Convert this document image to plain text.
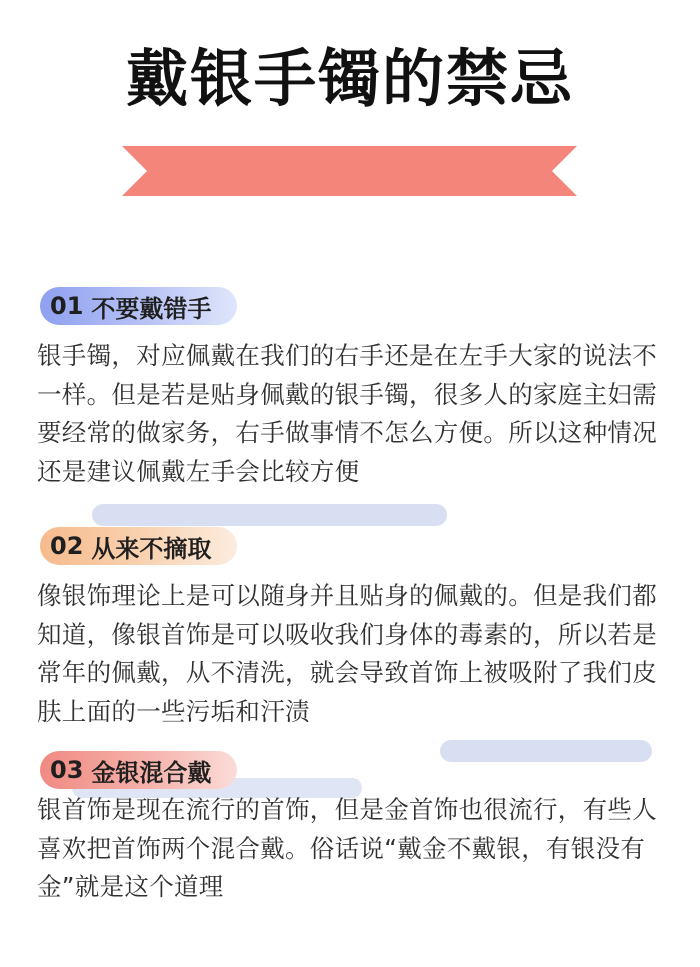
戴银手镯的禁忌
01 不要戴错手
银手镯，对应佩戴在我们的右手还是在左手大家的说法不一样。但是若是贴身佩戴的银手镯，很多人的家庭主妇需要经常的做家务，右手做事情不怎么方便。所以这种情况还是建议佩戴左手会比较方便
02 从来不摘取
像银饰理论上是可以随身并且贴身的佩戴的。但是我们都知道，像银首饰是可以吸收我们身体的毒素的，所以若是常年的佩戴，从不清洗，就会导致首饰上被吸附了我们皮肤上面的一些污垢和汗渍
03 金银混合戴
银首饰是现在流行的首饰，但是金首饰也很流行，有些人喜欢把首饰两个混合戴。俗话说“戴金不戴银，有银没有金”就是这个道理
